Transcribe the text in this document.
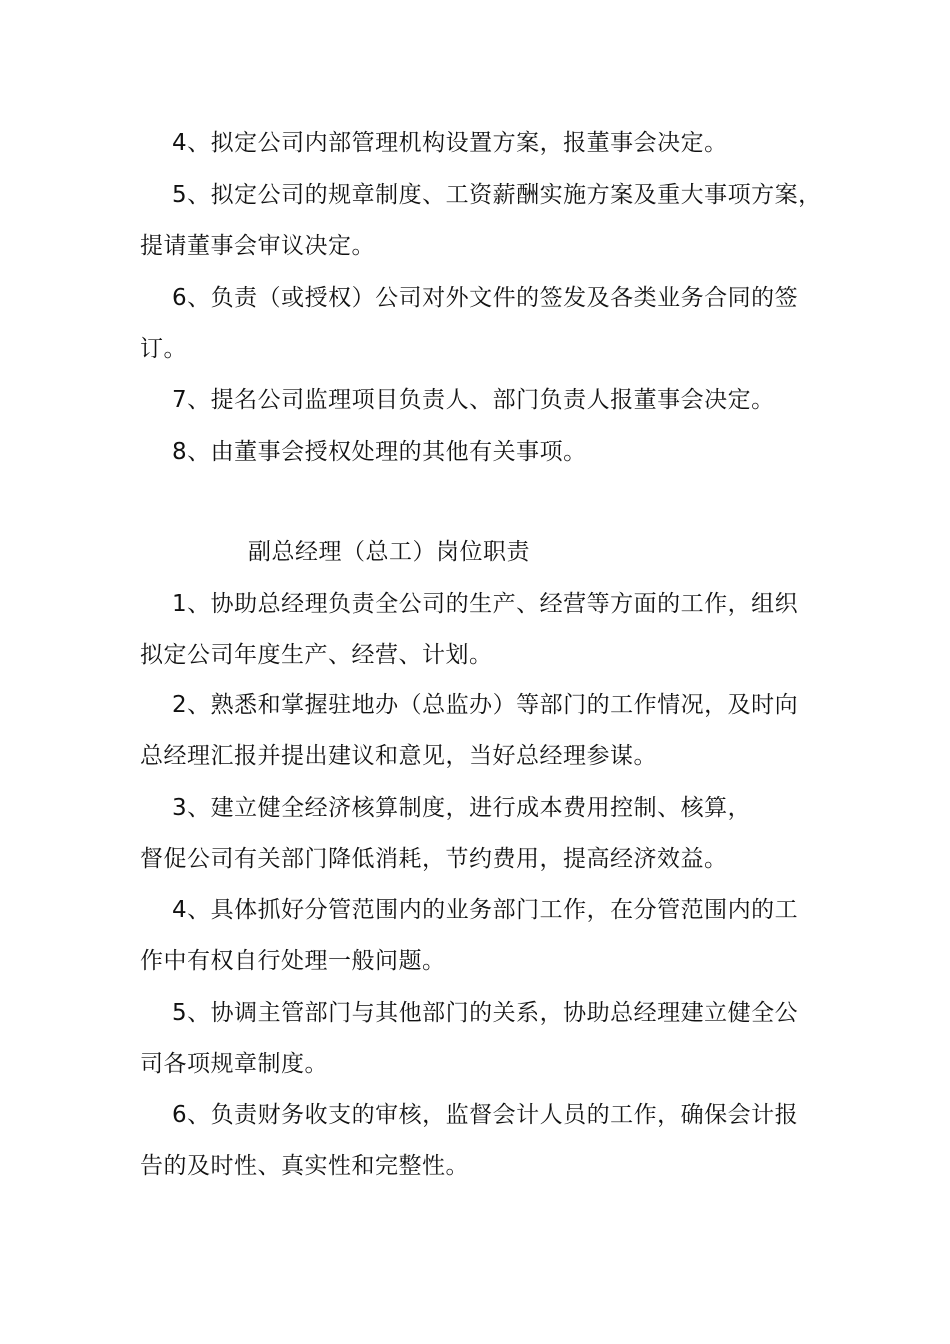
4、拟定公司内部管理机构设置方案，报董事会决定。
5、拟定公司的规章制度、工资薪酬实施方案及重大事项方案，
提请董事会审议决定。
6、负责（或授权）公司对外文件的签发及各类业务合同的签
订。
7、提名公司监理项目负责人、部门负责人报董事会决定。
8、由董事会授权处理的其他有关事项。
副总经理（总工）岗位职责
1、协助总经理负责全公司的生产、经营等方面的工作，组织
拟定公司年度生产、经营、计划。
2、熟悉和掌握驻地办（总监办）等部门的工作情况，及时向
总经理汇报并提出建议和意见，当好总经理参谋。
3、建立健全经济核算制度，进行成本费用控制、核算，
督促公司有关部门降低消耗，节约费用，提高经济效益。
4、具体抓好分管范围内的业务部门工作，在分管范围内的工
作中有权自行处理一般问题。
5、协调主管部门与其他部门的关系，协助总经理建立健全公
司各项规章制度。
6、负责财务收支的审核，监督会计人员的工作，确保会计报
告的及时性、真实性和完整性。
